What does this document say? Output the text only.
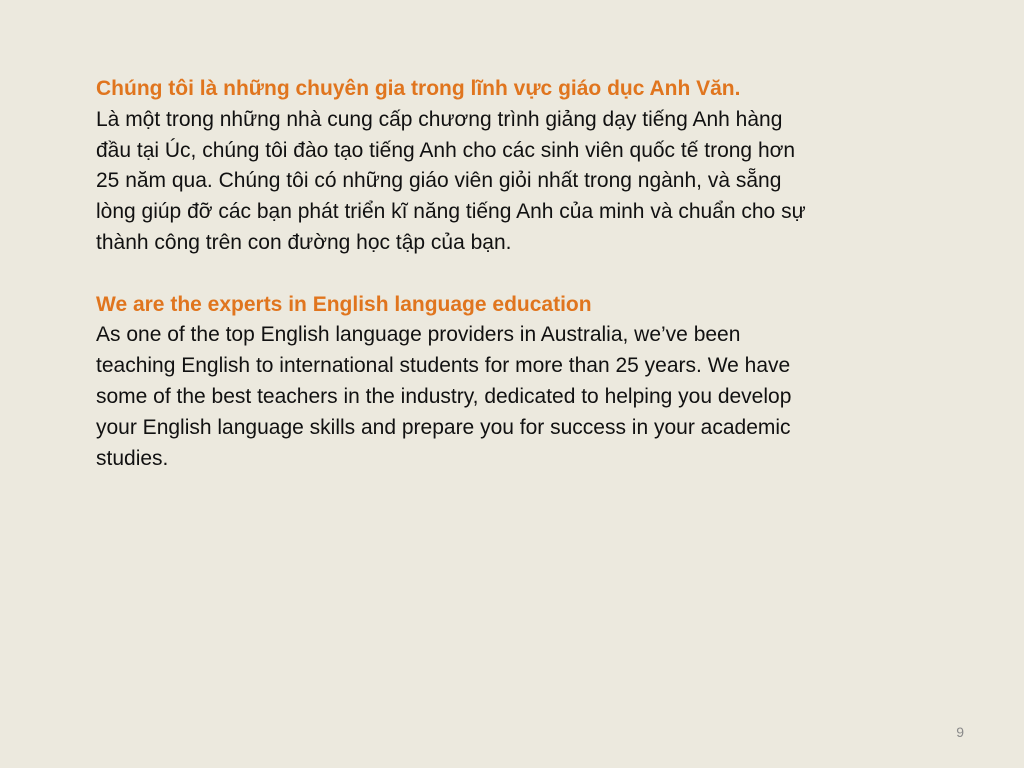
Chúng tôi là những chuyên gia trong lĩnh vực giáo dục Anh Văn.

Là một trong những nhà cung cấp chương trình giảng dạy tiếng Anh hàng

đầu tại Úc, chúng tôi đào tạo tiếng Anh cho các sinh viên quốc tế trong hơn

25 năm qua. Chúng tôi có những giáo viên giỏi nhất trong ngành, và sẵng

lòng giúp đỡ các bạn phát triển kĩ năng tiếng Anh của minh và chuẩn cho sự

thành công trên con đường học tập của bạn.

We are the experts in English language education

As one of the top English language providers in Australia, we’ve been

teaching English to international students for more than 25 years. We have

some of the best teachers in the industry, dedicated to helping you develop

your English language skills and prepare you for success in your academic

studies.

9
